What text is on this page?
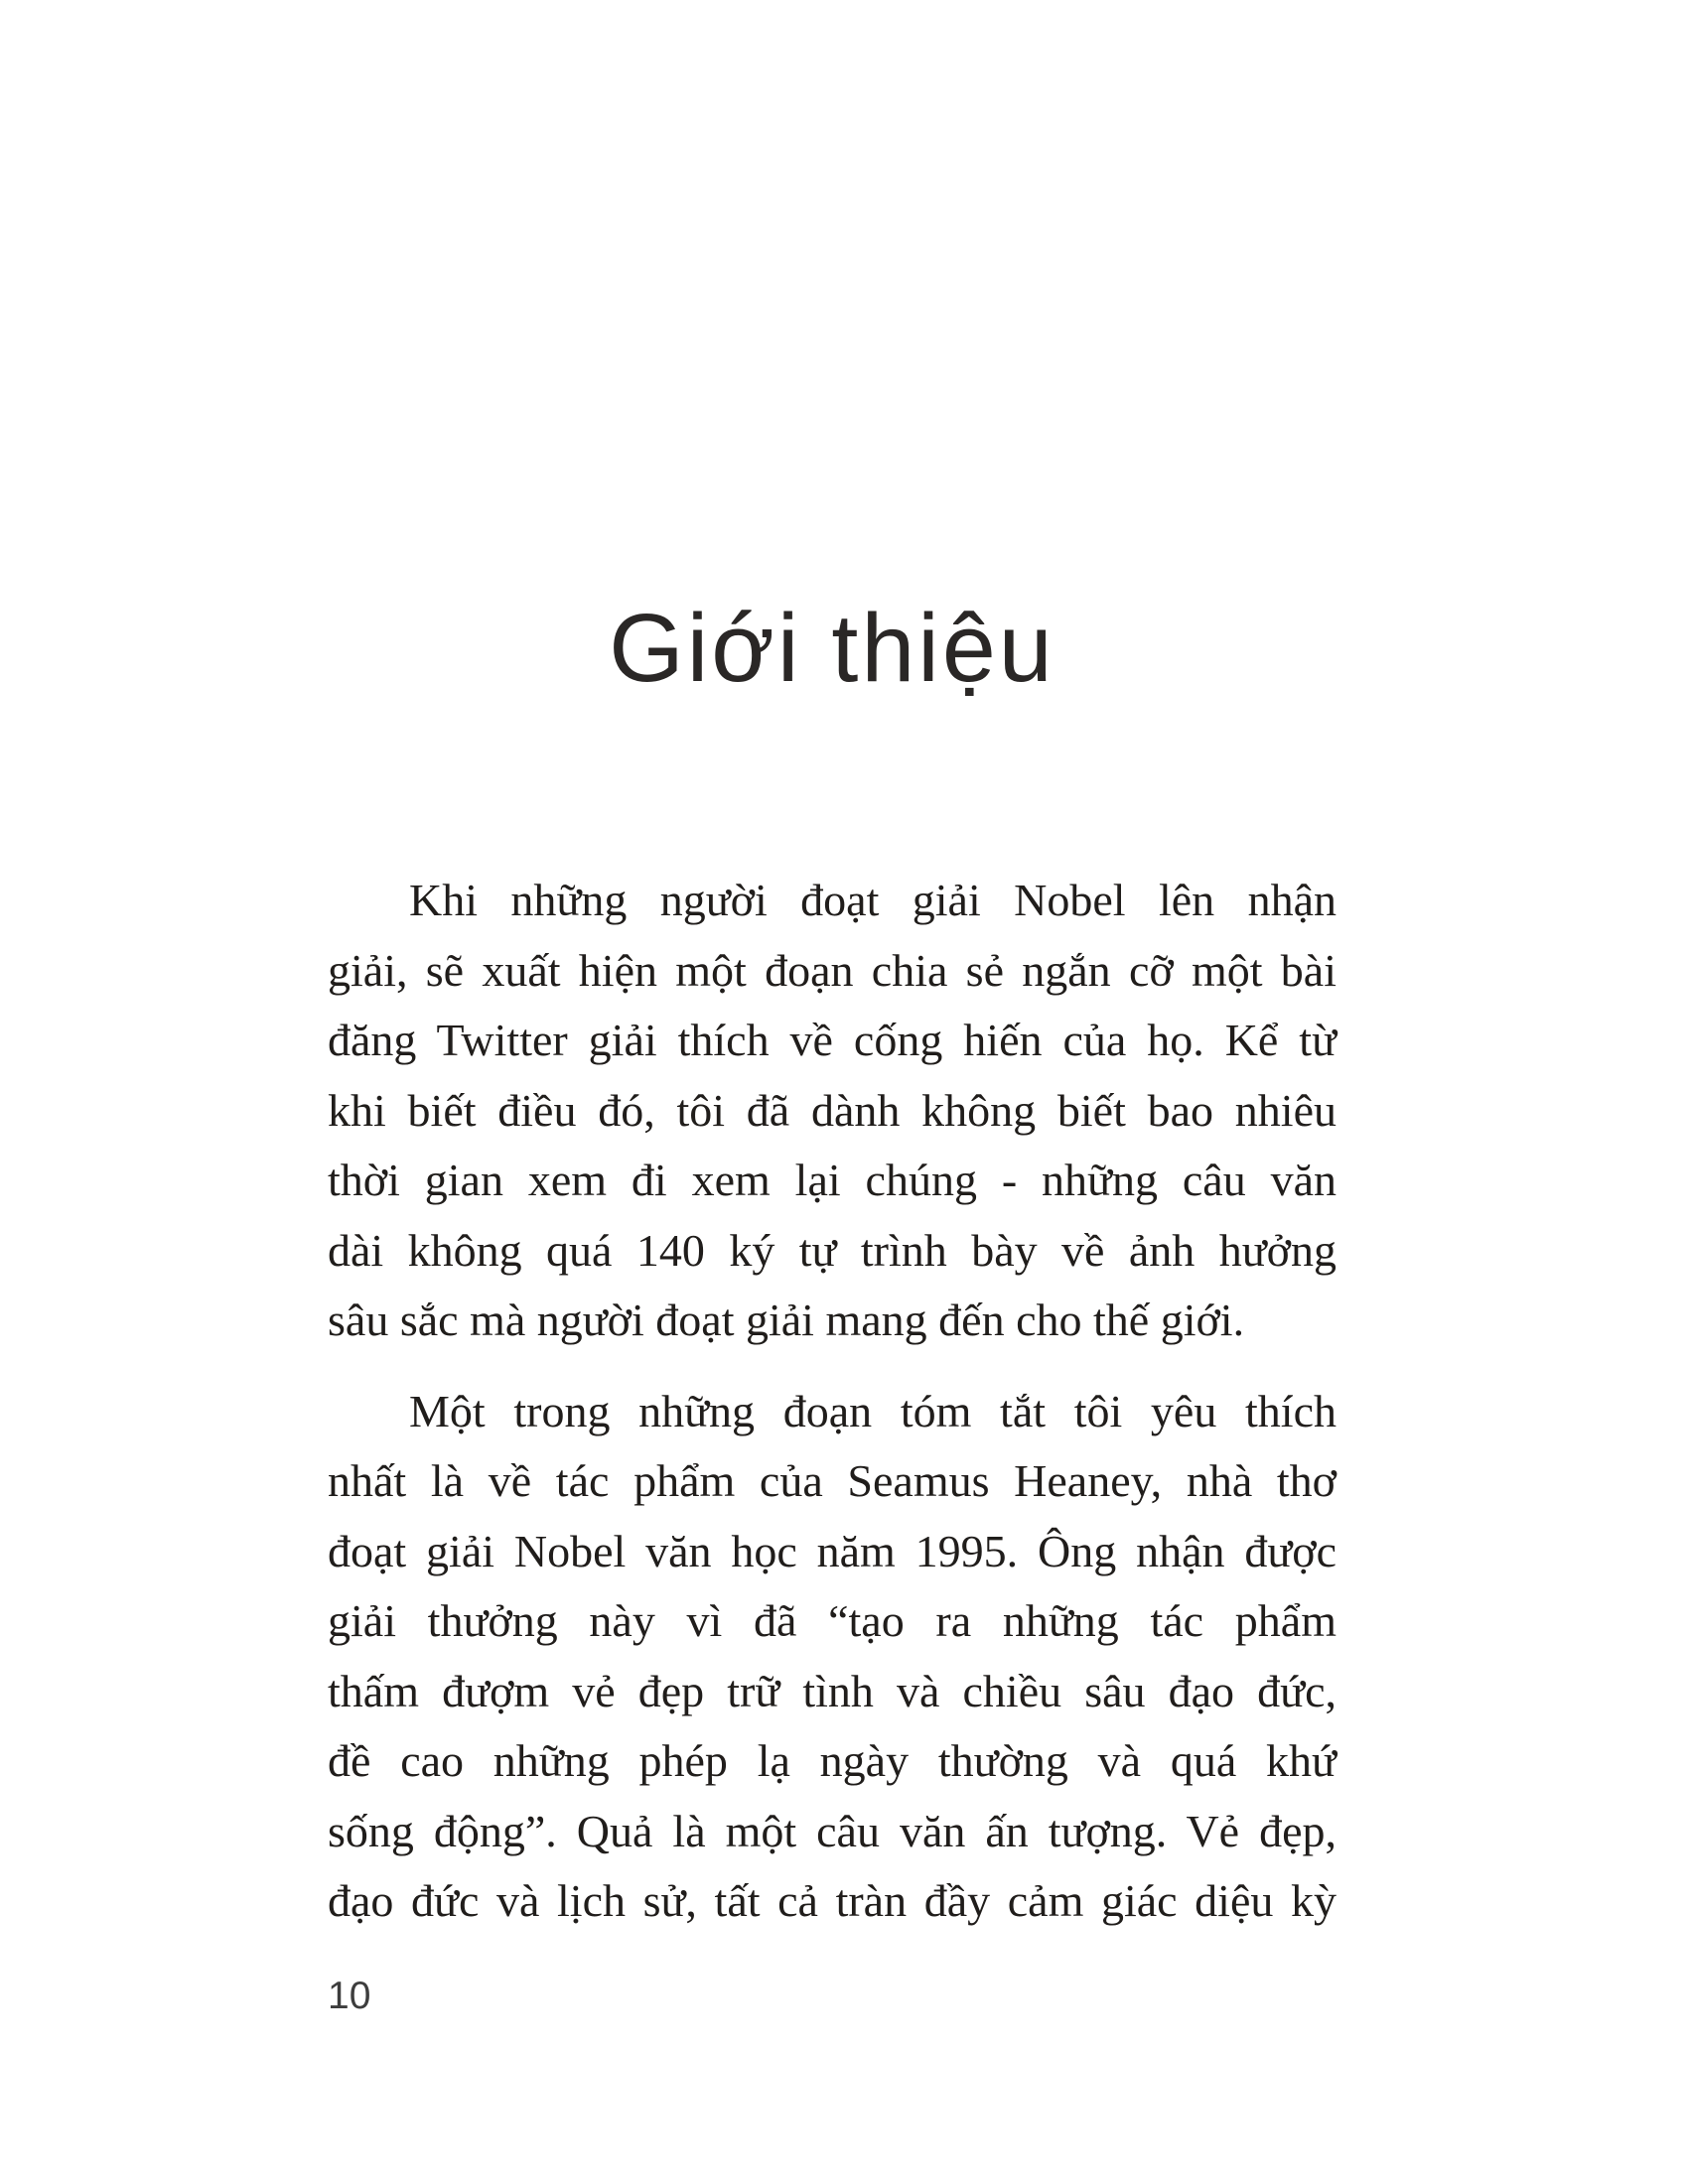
Giới thiệu
Khi những người đoạt giải Nobel lên nhận
giải, sẽ xuất hiện một đoạn chia sẻ ngắn cỡ một bài
đăng Twitter giải thích về cống hiến của họ. Kể từ
khi biết điều đó, tôi đã dành không biết bao nhiêu
thời gian xem đi xem lại chúng - những câu văn
dài không quá 140 ký tự trình bày về ảnh hưởng
sâu sắc mà người đoạt giải mang đến cho thế giới.
Một trong những đoạn tóm tắt tôi yêu thích
nhất là về tác phẩm của Seamus Heaney, nhà thơ
đoạt giải Nobel văn học năm 1995. Ông nhận được
giải thưởng này vì đã “tạo ra những tác phẩm
thấm đượm vẻ đẹp trữ tình và chiều sâu đạo đức,
đề cao những phép lạ ngày thường và quá khứ
sống động”. Quả là một câu văn ấn tượng. Vẻ đẹp,
đạo đức và lịch sử, tất cả tràn đầy cảm giác diệu kỳ
10
